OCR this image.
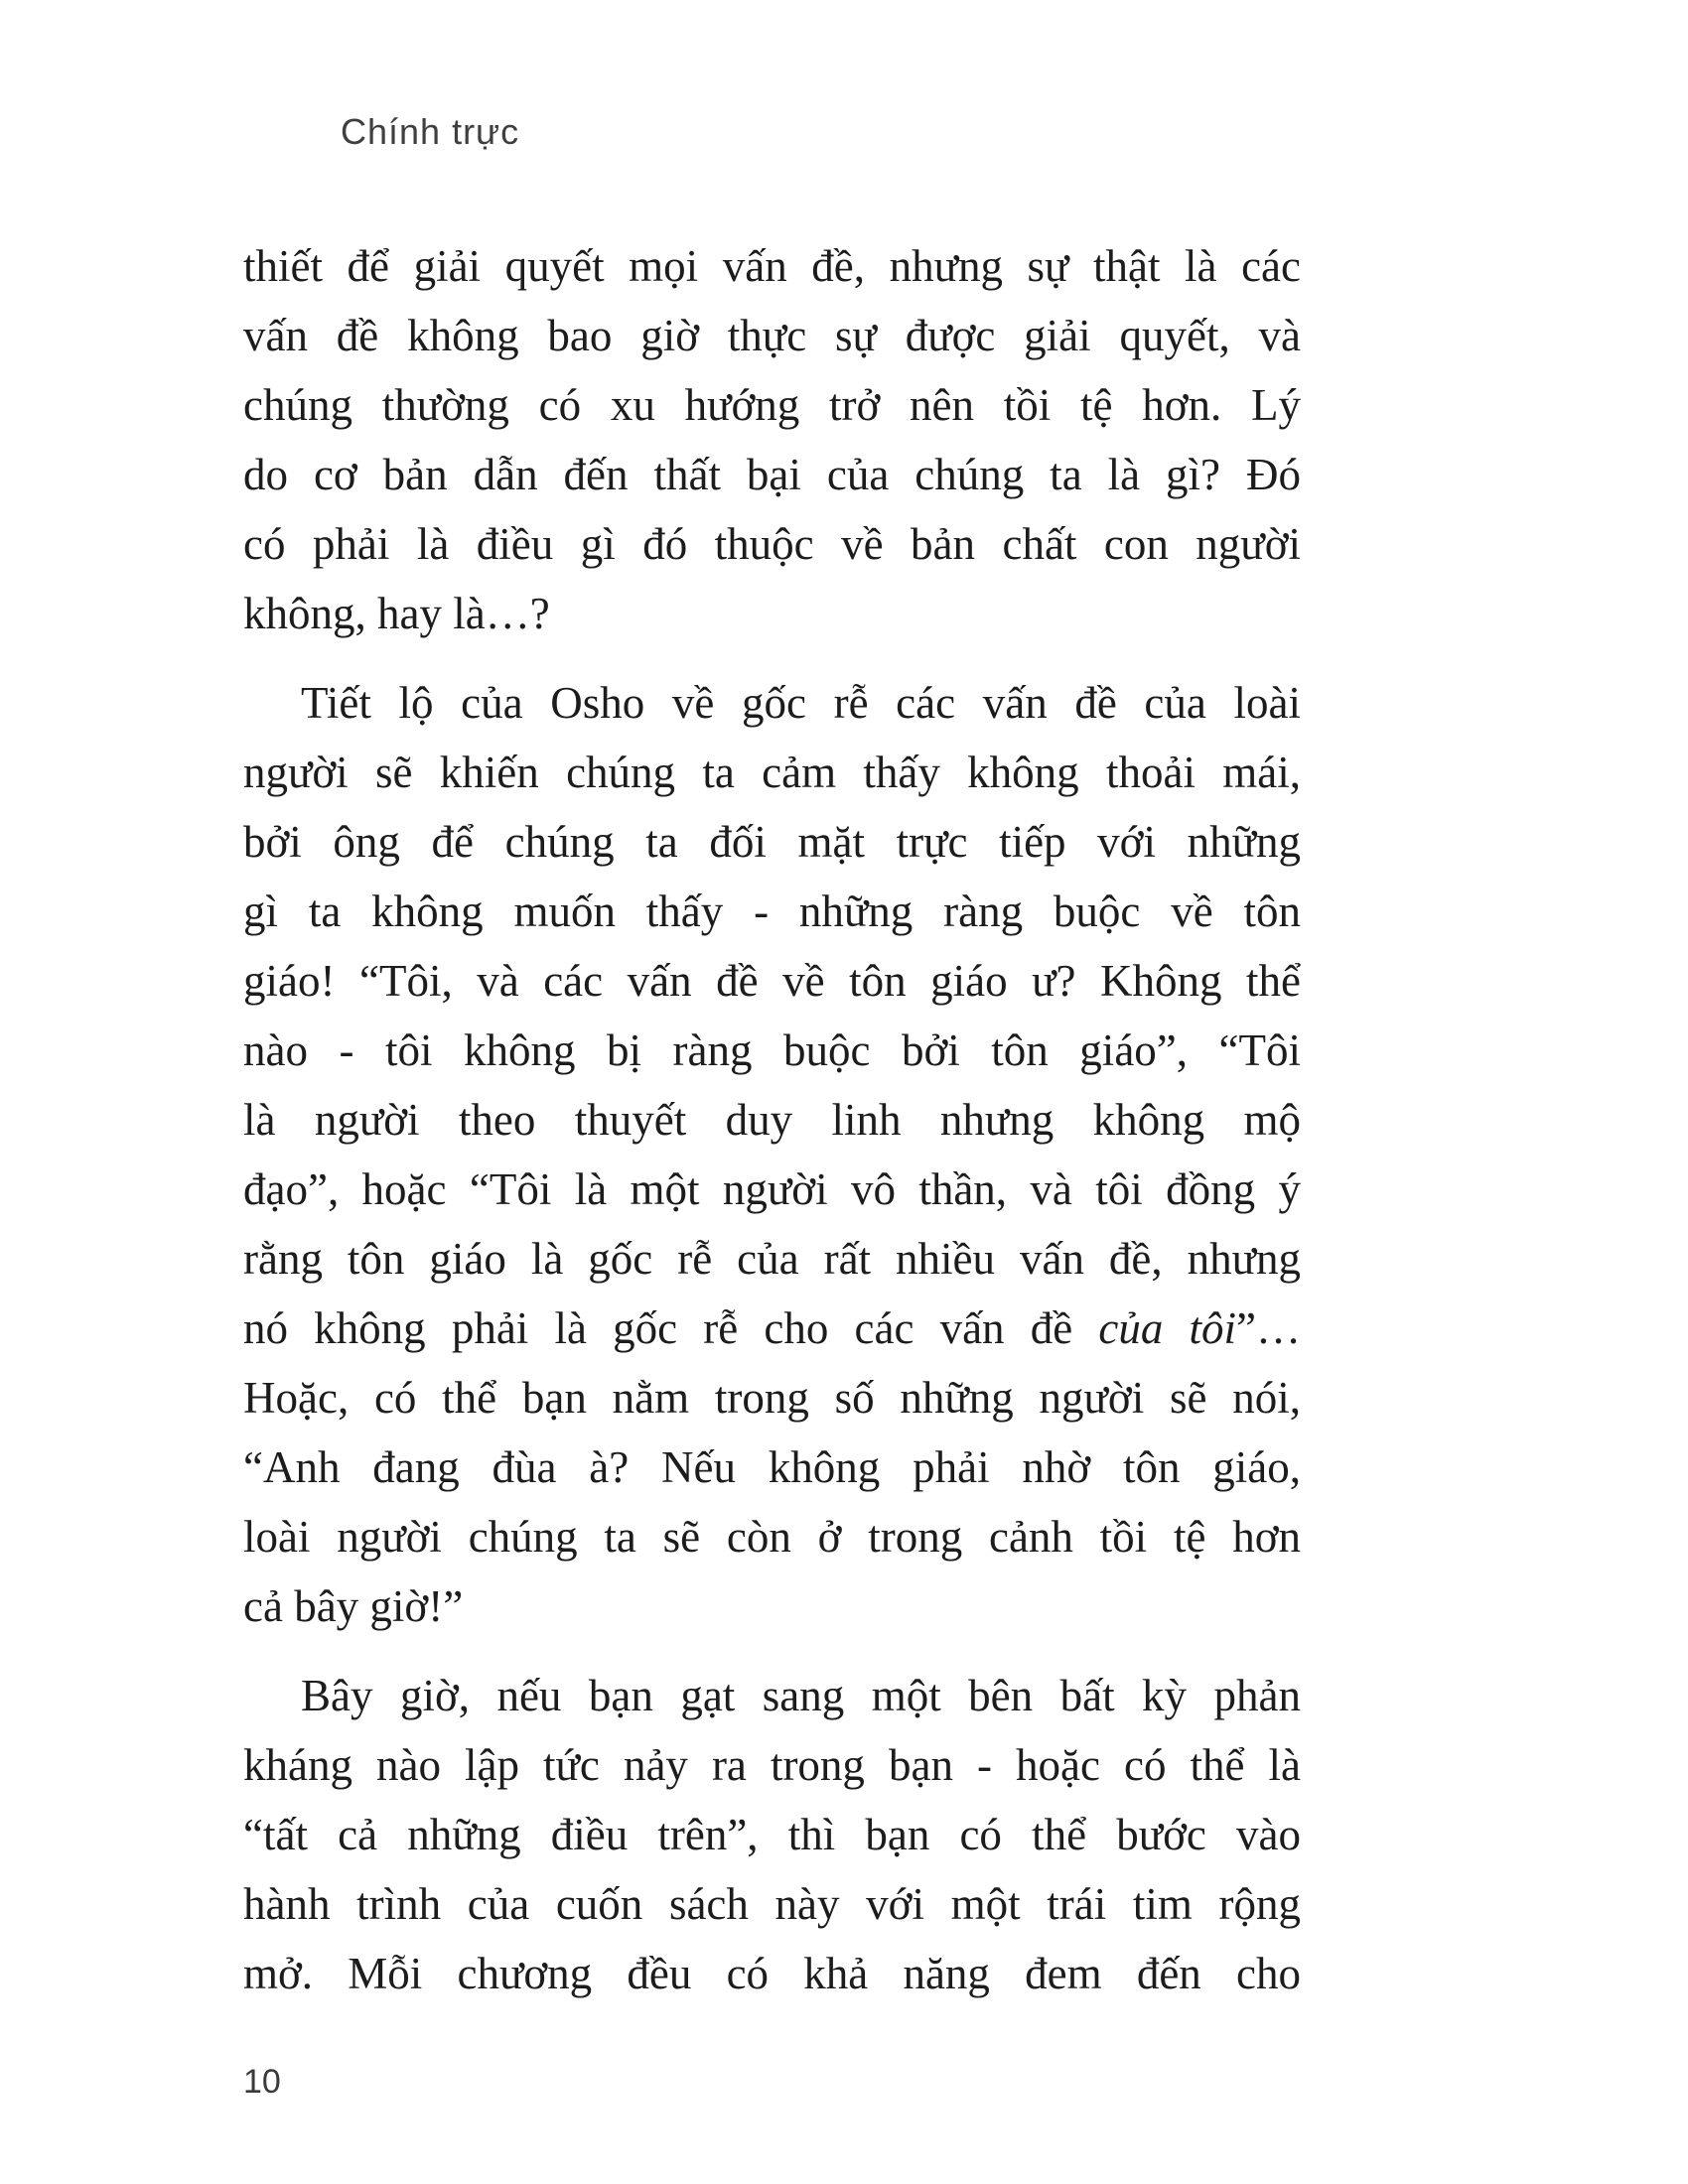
Chính trực
thiết để giải quyết mọi vấn đề, nhưng sự thật là các
vấn đề không bao giờ thực sự được giải quyết, và
chúng thường có xu hướng trở nên tồi tệ hơn. Lý
do cơ bản dẫn đến thất bại của chúng ta là gì? Đó
có phải là điều gì đó thuộc về bản chất con người
không, hay là…?
Tiết lộ của Osho về gốc rễ các vấn đề của loài
người sẽ khiến chúng ta cảm thấy không thoải mái,
bởi ông để chúng ta đối mặt trực tiếp với những
gì ta không muốn thấy - những ràng buộc về tôn
giáo! “Tôi, và các vấn đề về tôn giáo ư? Không thể
nào - tôi không bị ràng buộc bởi tôn giáo”, “Tôi
là người theo thuyết duy linh nhưng không mộ
đạo”, hoặc “Tôi là một người vô thần, và tôi đồng ý
rằng tôn giáo là gốc rễ của rất nhiều vấn đề, nhưng
nó không phải là gốc rễ cho các vấn đề của tôi”…
Hoặc, có thể bạn nằm trong số những người sẽ nói,
“Anh đang đùa à? Nếu không phải nhờ tôn giáo,
loài người chúng ta sẽ còn ở trong cảnh tồi tệ hơn
cả bây giờ!”
Bây giờ, nếu bạn gạt sang một bên bất kỳ phản
kháng nào lập tức nảy ra trong bạn - hoặc có thể là
“tất cả những điều trên”, thì bạn có thể bước vào
hành trình của cuốn sách này với một trái tim rộng
mở. Mỗi chương đều có khả năng đem đến cho
10
